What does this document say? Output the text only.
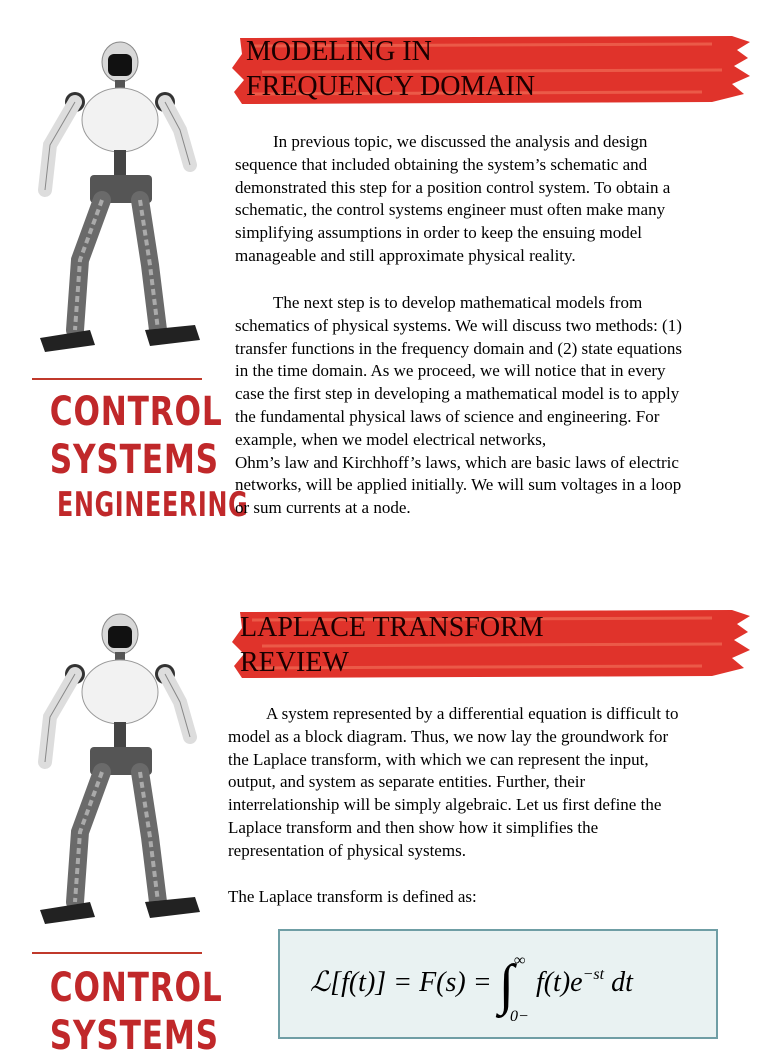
CONTROL
SYSTEMS
ENGINEERING
MODELING IN
FREQUENCY DOMAIN
In previous topic, we discussed the analysis and design
sequence that included obtaining the system’s schematic and
demonstrated this step for a position control system. To obtain a
schematic, the control systems engineer must often make many
simplifying assumptions in order to keep the ensuing model
manageable and still approximate physical reality.
The next step is to develop mathematical models from
schematics of physical systems. We will discuss two methods: (1)
transfer functions in the frequency domain and (2) state equations
in the time domain. As we proceed, we will notice that in every
case the first step in developing a mathematical model is to apply
the fundamental physical laws of science and engineering. For
example, when we model electrical networks,
Ohm’s law and Kirchhoff’s laws, which are basic laws of electric
networks, will be applied initially. We will sum voltages in a loop
or sum currents at a node.
CONTROL
SYSTEMS
LAPLACE TRANSFORM
REVIEW
A system represented by a differential equation is difficult to
model as a block diagram. Thus, we now lay the groundwork for
the Laplace transform, with which we can represent the input,
output, and system as separate entities. Further, their
interrelationship will be simply algebraic. Let us first define the
Laplace transform and then show how it simplifies the
representation of physical systems.
The Laplace transform is defined as:
ℒ[f(t)] = F(s) = ∫ ∞
0−
$f(t)e^{-st}$ dt
